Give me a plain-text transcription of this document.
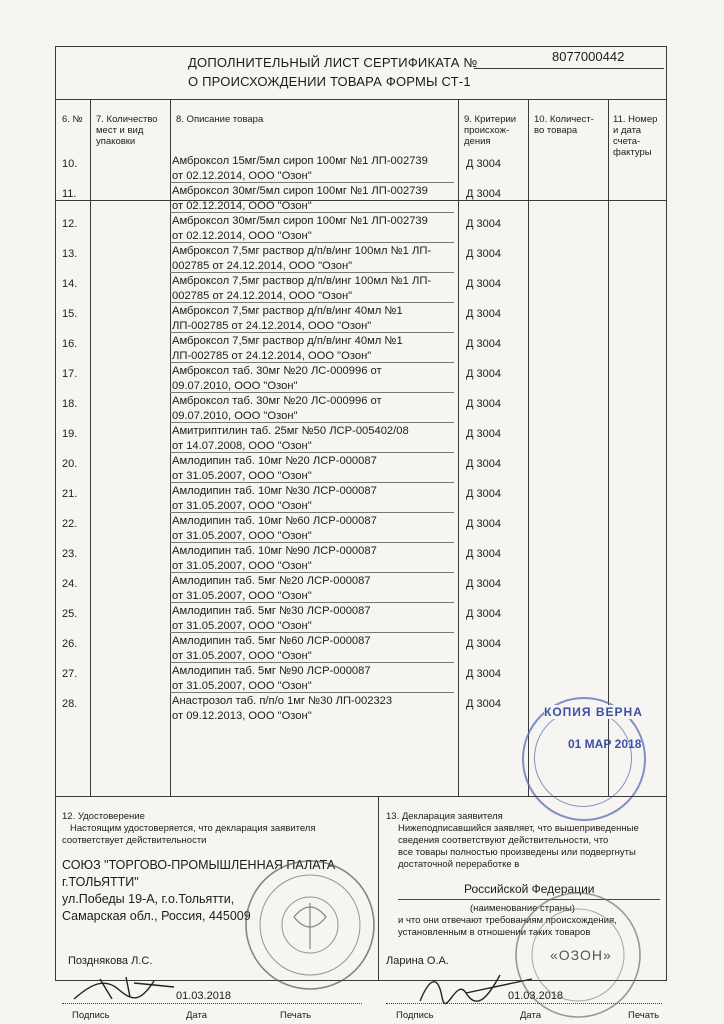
ДОПОЛНИТЕЛЬНЫЙ ЛИСТ СЕРТИФИКАТА №
О ПРОИСХОЖДЕНИИ ТОВАРА ФОРМЫ СТ-1
8077000442
6. №	7. Количество мест и вид упаковки
8. Описание товара	9. Критерии происхож- дения
10. Количест- во товара
11. Номер и дата счета- фактуры
10.	Амброксол 15мг/5мл сироп 100мг №1 ЛП-002739
от 02.12.2014, ООО "Озон"
Д 3004
11.	Амброксол 30мг/5мл сироп 100мг №1 ЛП-002739
от 02.12.2014, ООО "Озон"
Д 3004
12.	Амброксол 30мг/5мл сироп 100мг №1 ЛП-002739
от 02.12.2014, ООО "Озон"
Д 3004
13.	Амброксол 7,5мг раствор д/п/в/инг 100мл №1 ЛП-
002785 от 24.12.2014, ООО "Озон"
Д 3004
14.	Амброксол 7,5мг раствор д/п/в/инг 100мл №1 ЛП-
002785 от 24.12.2014, ООО "Озон"
Д 3004
15.	Амброксол 7,5мг раствор д/п/в/инг 40мл №1
ЛП-002785 от 24.12.2014, ООО "Озон"
Д 3004
16.	Амброксол 7,5мг раствор д/п/в/инг 40мл №1
ЛП-002785 от 24.12.2014, ООО "Озон"
Д 3004
17.	Амброксол таб. 30мг №20 ЛС-000996 от
09.07.2010, ООО "Озон"
Д 3004
18.	Амброксол таб. 30мг №20 ЛС-000996 от
09.07.2010, ООО "Озон"
Д 3004
19.	Амитриптилин таб. 25мг №50 ЛСР-005402/08
от 14.07.2008, ООО "Озон"
Д 3004
20.	Амлодипин таб. 10мг №20 ЛСР-000087
от 31.05.2007, ООО "Озон"
Д 3004
21.	Амлодипин таб. 10мг №30 ЛСР-000087
от 31.05.2007, ООО "Озон"
Д 3004
22.	Амлодипин таб. 10мг №60 ЛСР-000087
от 31.05.2007, ООО "Озон"
Д 3004
23.	Амлодипин таб. 10мг №90 ЛСР-000087
от 31.05.2007, ООО "Озон"
Д 3004
24.	Амлодипин таб. 5мг №20 ЛСР-000087
от 31.05.2007, ООО "Озон"
Д 3004
25.	Амлодипин таб. 5мг №30 ЛСР-000087
от 31.05.2007, ООО "Озон"
Д 3004
26.	Амлодипин таб. 5мг №60 ЛСР-000087
от 31.05.2007, ООО "Озон"
Д 3004
27.	Амлодипин таб. 5мг №90 ЛСР-000087
от 31.05.2007, ООО "Озон"
Д 3004
28.	Анастрозол таб. п/п/о 1мг №30 ЛП-002323
от 09.12.2013, ООО "Озон"
Д 3004
КОПИЯ ВЕРНА
01 МАР 2018
12. Удостоверение
Настоящим удостоверяется, что декларация заявителя
соответствует действительности
СОЮЗ "ТОРГОВО-ПРОМЫШЛЕННАЯ ПАЛАТА
г.ТОЛЬЯТТИ"
ул.Победы 19-А, г.о.Тольятти,
Самарская обл., Россия, 445009
Позднякова Л.С.
01.03.2018
Подпись	Дата	Печать
13. Декларация заявителя
Нижеподписавшийся заявляет, что вышеприведенные
сведения соответствуют действительности, что
все товары полностью произведены или подвергнуты
достаточной переработке в
Российской Федерации
(наименование страны)
и что они отвечают требованиям происхождения,
установленным в отношении таких товаров
Ларина О.А.
01.03.2018
Подпись	Дата	Печать
«ОЗОН»
